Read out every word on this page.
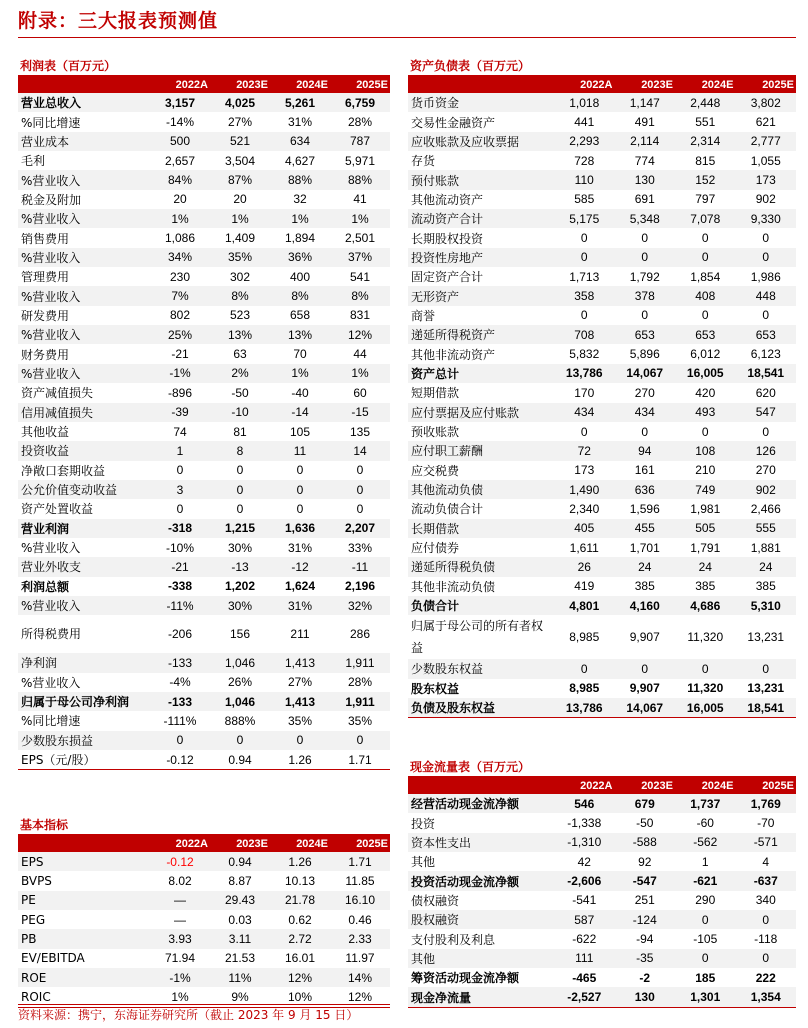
附录：三大报表预测值
利润表（百万元）
	2022A	2023E	2024E	2025E
营业总收入	3,157	4,025	5,261	6,759
%同比增速	-14%	27%	31%	28%
营业成本	500	521	634	787
毛利	2,657	3,504	4,627	5,971
%营业收入	84%	87%	88%	88%
税金及附加	20	20	32	41
%营业收入	1%	1%	1%	1%
销售费用	1,086	1,409	1,894	2,501
%营业收入	34%	35%	36%	37%
管理费用	230	302	400	541
%营业收入	7%	8%	8%	8%
研发费用	802	523	658	831
%营业收入	25%	13%	13%	12%
财务费用	-21	63	70	44
%营业收入	-1%	2%	1%	1%
资产减值损失	-896	-50	-40	60
信用减值损失	-39	-10	-14	-15
其他收益	74	81	105	135
投资收益	1	8	11	14
净敞口套期收益	0	0	0	0
公允价值变动收益	3	0	0	0
资产处置收益	0	0	0	0
营业利润	-318	1,215	1,636	2,207
%营业收入	-10%	30%	31%	33%
营业外收支	-21	-13	-12	-11
利润总额	-338	1,202	1,624	2,196
%营业收入	-11%	30%	31%	32%
所得税费用	-206	156	211	286
净利润	-133	1,046	1,413	1,911
%营业收入	-4%	26%	27%	28%
归属于母公司净利润	-133	1,046	1,413	1,911
%同比增速	-111%	888%	35%	35%
少数股东损益	0	0	0	0
EPS（元/股）	-0.12	0.94	1.26	1.71
基本指标
	2022A	2023E	2024E	2025E
EPS	-0.12	0.94	1.26	1.71
BVPS	8.02	8.87	10.13	11.85
PE	—	29.43	21.78	16.10
PEG	—	0.03	0.62	0.46
PB	3.93	3.11	2.72	2.33
EV/EBITDA	71.94	21.53	16.01	11.97
ROE	-1%	11%	12%	14%
ROIC	1%	9%	10%	12%
资产负债表（百万元）
	2022A	2023E	2024E	2025E
货币资金	1,018	1,147	2,448	3,802
交易性金融资产	441	491	551	621
应收账款及应收票据	2,293	2,114	2,314	2,777
存货	728	774	815	1,055
预付账款	110	130	152	173
其他流动资产	585	691	797	902
流动资产合计	5,175	5,348	7,078	9,330
长期股权投资	0	0	0	0
投资性房地产	0	0	0	0
固定资产合计	1,713	1,792	1,854	1,986
无形资产	358	378	408	448
商誉	0	0	0	0
递延所得税资产	708	653	653	653
其他非流动资产	5,832	5,896	6,012	6,123
资产总计	13,786	14,067	16,005	18,541
短期借款	170	270	420	620
应付票据及应付账款	434	434	493	547
预收账款	0	0	0	0
应付职工薪酬	72	94	108	126
应交税费	173	161	210	270
其他流动负债	1,490	636	749	902
流动负债合计	2,340	1,596	1,981	2,466
长期借款	405	455	505	555
应付债券	1,611	1,701	1,791	1,881
递延所得税负债	26	24	24	24
其他非流动负债	419	385	385	385
负债合计	4,801	4,160	4,686	5,310
归属于母公司的所有者权益	8,985	9,907	11,320	13,231
少数股东权益	0	0	0	0
股东权益	8,985	9,907	11,320	13,231
负债及股东权益	13,786	14,067	16,005	18,541
现金流量表（百万元）
	2022A	2023E	2024E	2025E
经营活动现金流净额	546	679	1,737	1,769
投资	-1,338	-50	-60	-70
资本性支出	-1,310	-588	-562	-571
其他	42	92	1	4
投资活动现金流净额	-2,606	-547	-621	-637
债权融资	-541	251	290	340
股权融资	587	-124	0	0
支付股利及利息	-622	-94	-105	-118
其他	111	-35	0	0
筹资活动现金流净额	-465	-2	185	222
现金净流量	-2,527	130	1,301	1,354
资料来源：携宁，东海证券研究所（截止 2023 年 9 月 15 日）
